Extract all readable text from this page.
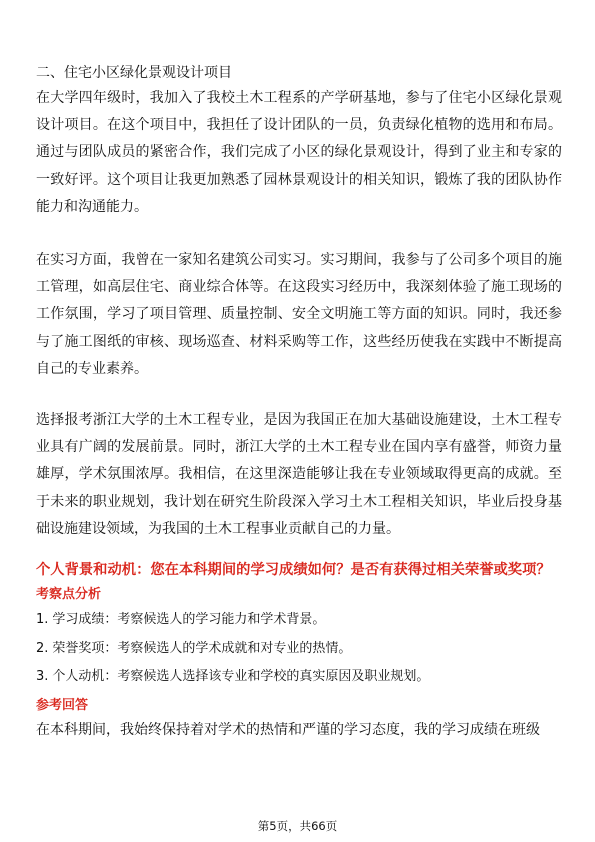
二、住宅小区绿化景观设计项目

在大学四年级时，我加入了我校土木工程系的产学研基地，参与了住宅小区绿化景观设计项目。在这个项目中，我担任了设计团队的一员，负责绿化植物的选用和布局。通过与团队成员的紧密合作，我们完成了小区的绿化景观设计，得到了业主和专家的一致好评。这个项目让我更加熟悉了园林景观设计的相关知识，锻炼了我的团队协作能力和沟通能力。

在实习方面，我曾在一家知名建筑公司实习。实习期间，我参与了公司多个项目的施工管理，如高层住宅、商业综合体等。在这段实习经历中，我深刻体验了施工现场的工作氛围，学习了项目管理、质量控制、安全文明施工等方面的知识。同时，我还参与了施工图纸的审核、现场巡查、材料采购等工作，这些经历使我在实践中不断提高自己的专业素养。

选择报考浙江大学的土木工程专业，是因为我国正在加大基础设施建设，土木工程专业具有广阔的发展前景。同时，浙江大学的土木工程专业在国内享有盛誉，师资力量雄厚，学术氛围浓厚。我相信，在这里深造能够让我在专业领域取得更高的成就。至于未来的职业规划，我计划在研究生阶段深入学习土木工程相关知识，毕业后投身基础设施建设领域，为我国的土木工程事业贡献自己的力量。

个人背景和动机：您在本科期间的学习成绩如何？是否有获得过相关荣誉或奖项？

考察点分析

1. 学习成绩：考察候选人的学习能力和学术背景。
2. 荣誉奖项：考察候选人的学术成就和对专业的热情。
3. 个人动机：考察候选人选择该专业和学校的真实原因及职业规划。

参考回答

在本科期间，我始终保持着对学术的热情和严谨的学习态度，我的学习成绩在班级

第5页，共66页
